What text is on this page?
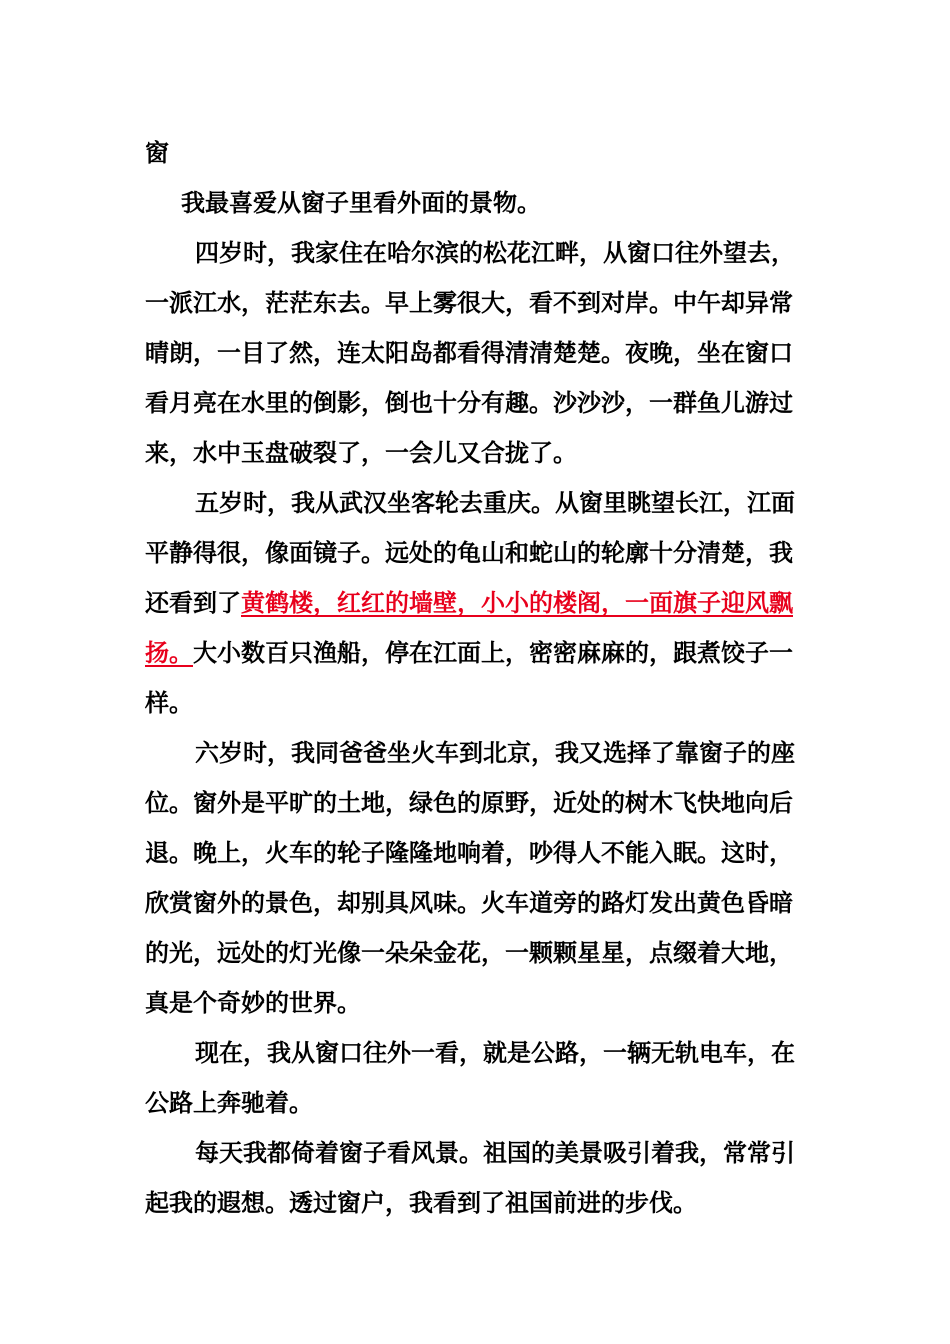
窗

我最喜爱从窗子里看外面的景物。

四岁时，我家住在哈尔滨的松花江畔，从窗口往外望去，一派江水，茫茫东去。早上雾很大，看不到对岸。中午却异常晴朗，一目了然，连太阳岛都看得清清楚楚。夜晚，坐在窗口看月亮在水里的倒影，倒也十分有趣。沙沙沙，一群鱼儿游过来，水中玉盘破裂了，一会儿又合拢了。

五岁时，我从武汉坐客轮去重庆。从窗里眺望长江，江面平静得很，像面镜子。远处的龟山和蛇山的轮廓十分清楚，我还看到了黄鹤楼，红红的墙壁，小小的楼阁，一面旗子迎风飘扬。大小数百只渔船，停在江面上，密密麻麻的，跟煮饺子一样。

六岁时，我同爸爸坐火车到北京，我又选择了靠窗子的座位。窗外是平旷的土地，绿色的原野，近处的树木飞快地向后退。晚上，火车的轮子隆隆地响着，吵得人不能入眠。这时，欣赏窗外的景色，却别具风味。火车道旁的路灯发出黄色昏暗的光，远处的灯光像一朵朵金花，一颗颗星星，点缀着大地，真是个奇妙的世界。

现在，我从窗口往外一看，就是公路，一辆无轨电车，在公路上奔驰着。

每天我都倚着窗子看风景。祖国的美景吸引着我，常常引起我的遐想。透过窗户，我看到了祖国前进的步伐。
